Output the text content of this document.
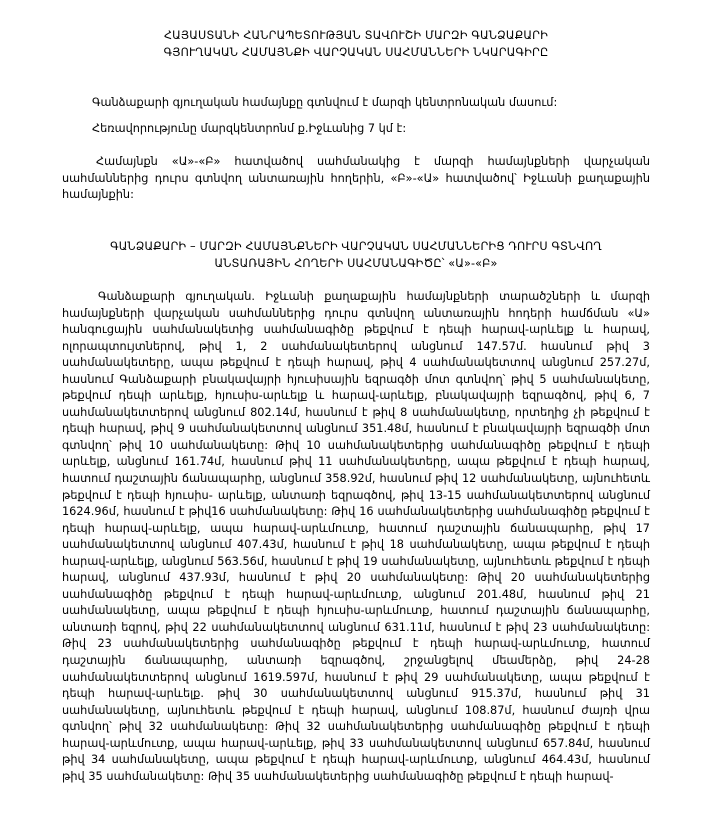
ՀԱՅԱՍՏԱՆԻ ՀԱՆՐԱՊԵՏՈՒԹՅԱՆ ՏԱՎՈՒՇԻ ՄԱՐԶԻ ԳԱՆՁԱՔԱՐԻ
ԳՅՈՒՂԱԿԱՆ ՀԱՄԱՅՆՔԻ ՎԱՐՉԱԿԱՆ ՍԱՀՄԱՆՆԵՐԻ ՆԿԱՐԱԳԻՐԸ

Գանձաքարի գյուղական համայնքը գտնվում է մարզի կենտրոնական մասում:

Հեռավորությունը մարզկենտրոնմ ք.Իջևանից 7 կմ է:

Համայնքն «Ա»-«Բ» հատվածով սահմանակից է մարզի համայնքների վարչական սահմաններից դուրս գտնվող անտառային հողերին, «Բ»-«Ա» հատվածով՝ Իջևանի քաղաքային համայնքին:

ԳԱՆՁԱՔԱՐԻ – ՄԱՐԶԻ ՀԱՄԱՅՆՔՆԵՐԻ ՎԱՐՉԱԿԱՆ ՍԱՀՄԱՆՆԵՐԻՑ ԴՈՒՐՍ ԳՏՆՎՈՂ
ԱՆՏԱՌԱՅԻՆ ՀՈՂԵՐԻ ՍԱՀՄԱՆԱԳԻԾԸ՝ «Ա»-«Բ»

Գանձաքարի գյուղական. Իջևանի քաղաքային համայնքների տարածշների և մարզի համայնքների վարչական սահմաններից դուրս գտնվող անտառային հոդերի համճման «Ա» հանգուցային սահմանակետից սահմանագիծը թեքվում է դեպի հարավ-արևելք և հարավ, ոլորապտույտներով, թիվ 1, 2 սահմանակետերով անցնում 147.57մ. հասնում թիվ 3 սահմանակետերը, ապա թեքվում է դեպի հարավ, թիվ 4 սահմանակետտով անցնում 257.27մ, հասնում Գանձաքարի բնակավայրի հյուսիսային եզրագծի մոտ գտնվող՝ թիվ 5 սահմանակետը, թեքվում դեպի արևելք, հյուսիս-արևելք և հարավ-արևելք, բնակավայրի եզրագծով, թիվ 6, 7 սահմանակետտերով անցնում 802.14մ, հասնում է թիվ 8 սահմանակետը, որտեղից չի թեքվում է դեպի հարավ, թիվ 9 սահմանակետտով անցնում 351.48մ, հասնում է բնակավայրի եզրագծի մոտ գտնվող՝ թիվ 10 սահմանակետը: Թիվ 10 սահմանակետերից սահմանագիծը թեքվում է դեպի արևելք, անցնում 161.74մ, հասնում թիվ 11 սահմանակետերը, ապա թեքվում է դեպի հարավ, հատում դաշտային ճանապարհը, անցնում 358.92մ, հասնում թիվ 12 սահմանակետը, այնուհետև թեքվում է դեպի հյուսիս- արևելք, անտառի եզրագծով, թիվ 13-15 սահմանակետտերով անցնում 1624.96մ, հասնում է թիվ16 սահմանակետը: Թիվ 16 սահմանակետերից սահմանագիծը թեքվում է դեպի հարավ-արևելք, ապա հարավ-արևմուտք, հատում դաշտային ճանապարհը, թիվ 17 սահմանակետտով անցնում 407.43մ, հասնում է թիվ 18 սահմանակետը, ապա թեքվում է դեպի հարավ-արևելք, անցնում 563.56մ, հասնում է թիվ 19 սահմանակետը, այնուհետև թեքվում է դեպի հարավ, անցնում 437.93մ, հասնում է թիվ 20 սահմանակետը: Թիվ 20 սահմանակետերից սահմանագիծը թեքվում է դեպի հարավ-արևմուտք, անցնում 201.48մ, հասնում թիվ 21 սահմանակետը, ապա թեքվում է դեպի հյուսիս-արևմուտք, հատում դաշտային ճանապարհը, անտառի եզրով, թիվ 22 սահմանակետտով անցնում 631.11մ, հասնում է թիվ 23 սահմանակետը: Թիվ 23 սահմանակետերից սահմանագիծը թեքվում է դեպի հարավ-արևմուտք, հատում դաշտային ճանապարհը, անտառի եզրագծով, շրջանցելով մեամերձը, թիվ 24-28 սահմանակետտերով անցնում 1619.597մ, հասնում է թիվ 29 սահմանակետը, ապա թեքվում է դեպի հարավ-արևելք. թիվ 30 սահմանակետտով անցնում 915.37մ, հասնում թիվ 31 սահմանակետը, այնուհետև թեքվում է դեպի հարավ, անցնում 108.87մ, հասնում ժայռի վրա գտնվող՝ թիվ 32 սահմանակետը: Թիվ 32 սահմանակետերից սահմանագիծը թեքվում է դեպի հարավ-արևմուտք, ապա հարավ-արևելք, թիվ 33 սահմանակետտով անցնում 657.84մ, հասնում թիվ 34 սահմանակետը, ապա թեքվում է դեպի հարավ-արևմուտք, անցնում 464.43մ, հասնում թիվ 35 սահմանակետը: Թիվ 35 սահմանակետերից սահմանագիծը թեքվում է դեպի հարավ-
